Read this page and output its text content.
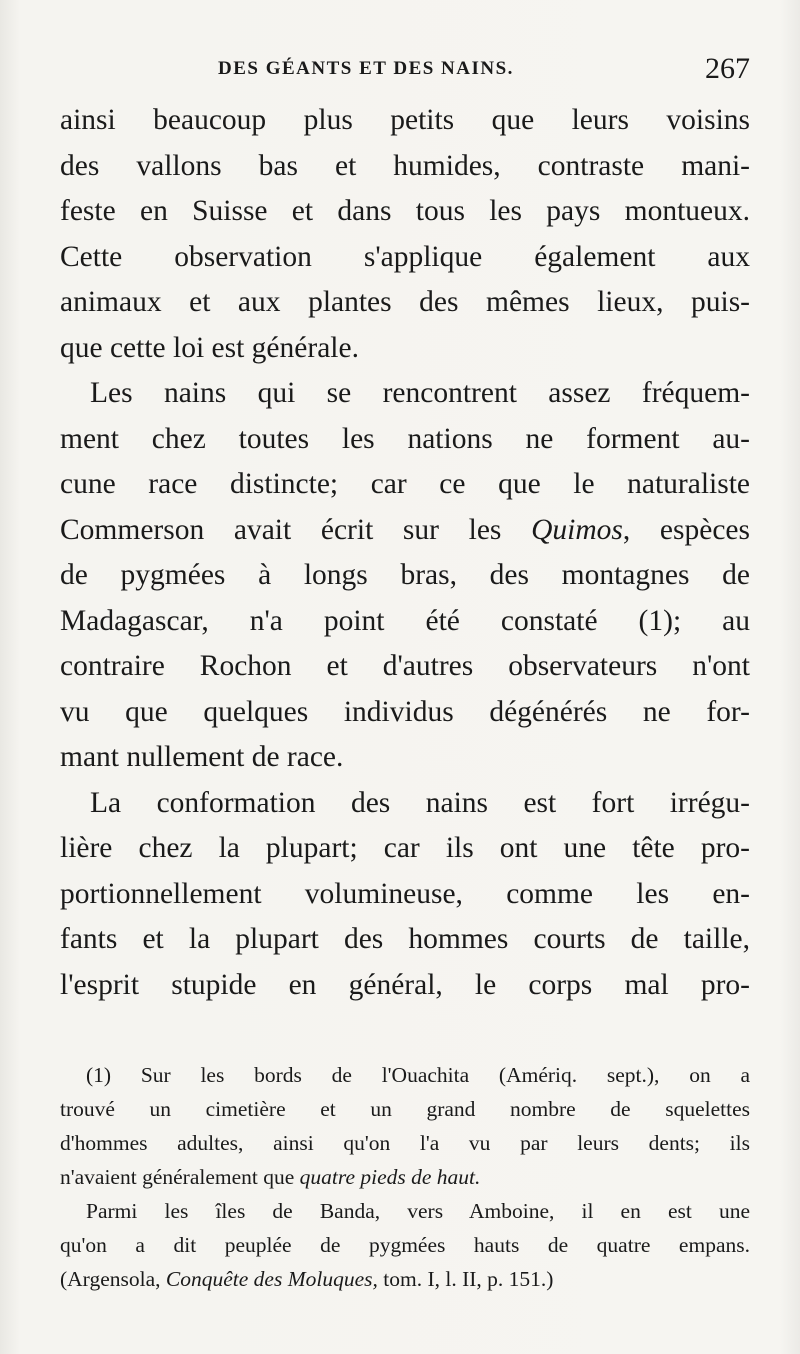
DES GÉANTS ET DES NAINS.	267
ainsi beaucoup plus petits que leurs voisins
des vallons bas et humides, contraste mani-
feste en Suisse et dans tous les pays montueux.
Cette observation s'applique également aux
animaux et aux plantes des mêmes lieux, puis-
que cette loi est générale.
Les nains qui se rencontrent assez fréquem-
ment chez toutes les nations ne forment au-
cune race distincte; car ce que le naturaliste
Commerson avait écrit sur les Quimos, espèces
de pygmées à longs bras, des montagnes de
Madagascar, n'a point été constaté (1); au
contraire Rochon et d'autres observateurs n'ont
vu que quelques individus dégénérés ne for-
mant nullement de race.
La conformation des nains est fort irrégu-
lière chez la plupart; car ils ont une tête pro-
portionnellement volumineuse, comme les en-
fants et la plupart des hommes courts de taille,
l'esprit stupide en général, le corps mal pro-
(1) Sur les bords de l'Ouachita (Amériq. sept.), on a
trouvé un cimetière et un grand nombre de squelettes
d'hommes adultes, ainsi qu'on l'a vu par leurs dents; ils
n'avaient généralement que quatre pieds de haut.
Parmi les îles de Banda, vers Amboine, il en est une
qu'on a dit peuplée de pygmées hauts de quatre empans.
(Argensola, Conquête des Moluques, tom. I, l. II, p. 151.)
